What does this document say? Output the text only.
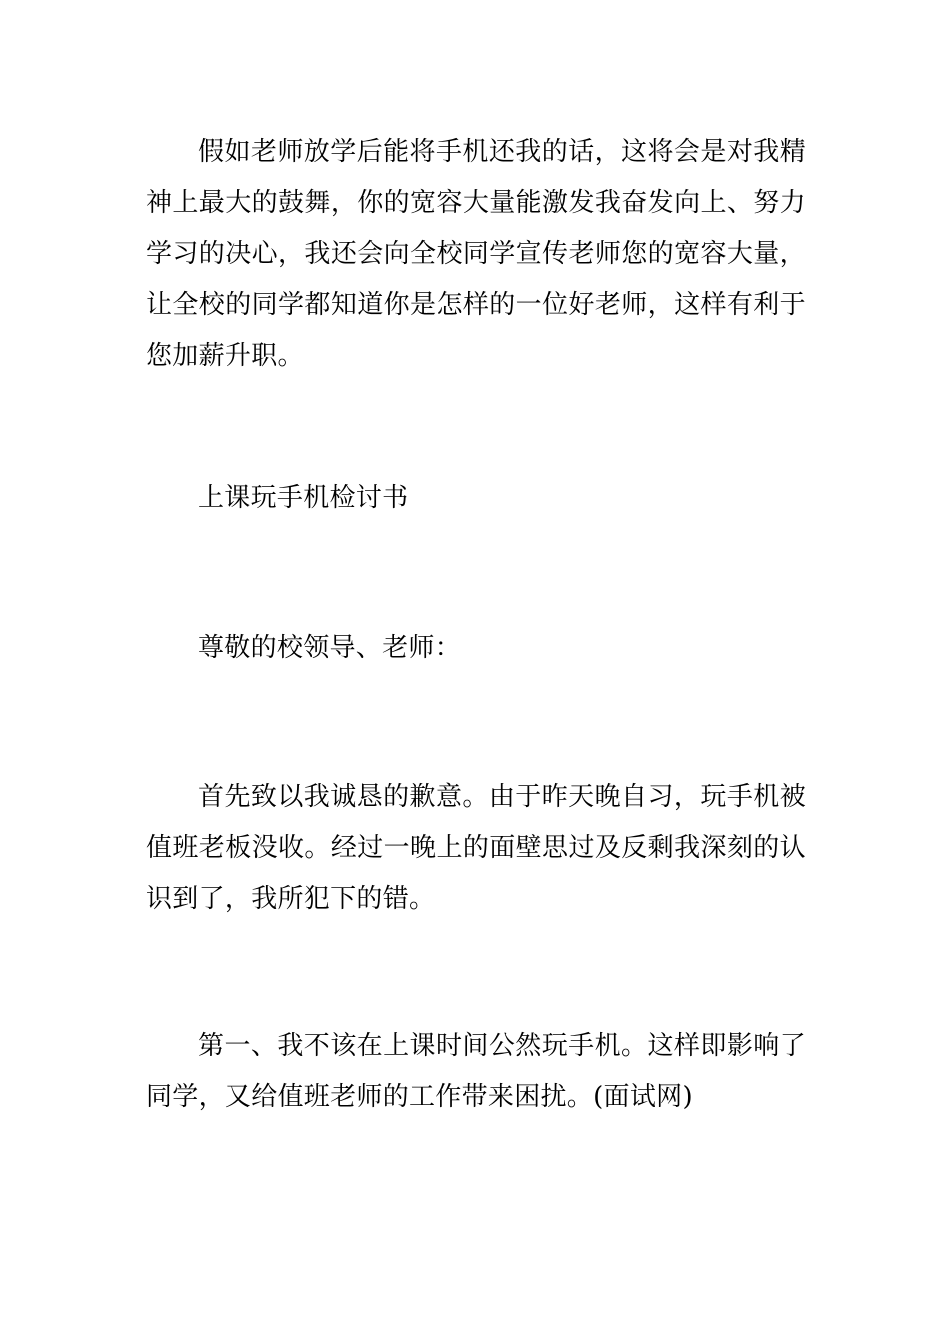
假如老师放学后能将手机还我的话，这将会是对我精神上最大的鼓舞，你的宽容大量能激发我奋发向上、努力学习的决心，我还会向全校同学宣传老师您的宽容大量，让全校的同学都知道你是怎样的一位好老师，这样有利于您加薪升职。

上课玩手机检讨书

尊敬的校领导、老师：

首先致以我诚恳的歉意。由于昨天晚自习，玩手机被值班老板没收。经过一晚上的面壁思过及反剩我深刻的认识到了，我所犯下的错。

第一、我不该在上课时间公然玩手机。这样即影响了同学，又给值班老师的工作带来困扰。(面试网)
